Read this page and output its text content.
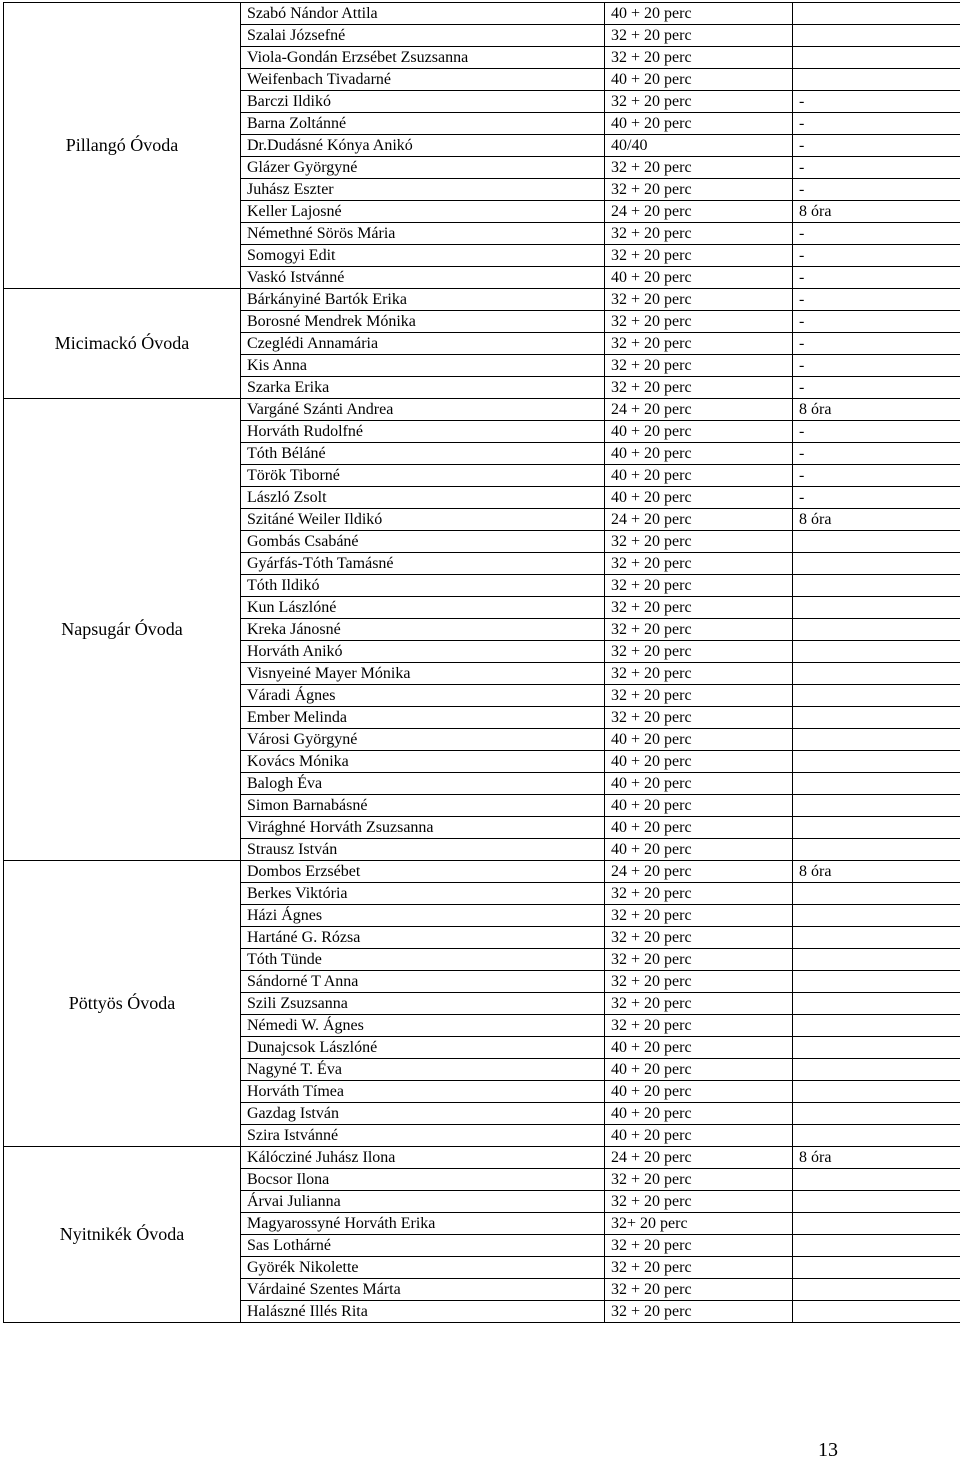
Pillangó Óvoda	Szabó Nándor Attila	40 + 20 perc	
	Szalai Józsefné	32 + 20 perc	
	Viola-Gondán Erzsébet Zsuzsanna	32 + 20 perc	
	Weifenbach Tivadarné	40 + 20 perc	
	Barczi Ildikó	32 + 20 perc	-
	Barna Zoltánné	40 + 20 perc	-
	Dr.Dudásné Kónya Anikó	40/40	-
	Glázer Györgyné	32 + 20 perc	-
	Juhász Eszter	32 + 20 perc	-
	Keller Lajosné	24 + 20 perc	8 óra
	Némethné Sörös Mária	32 + 20 perc	-
	Somogyi Edit	32 + 20 perc	-
	Vaskó Istvánné	40 + 20 perc	-
Micimackó Óvoda	Bárkányiné Bartók Erika	32 + 20 perc	-
	Borosné Mendrek Mónika	32 + 20 perc	-
	Czeglédi Annamária	32 + 20 perc	-
	Kis Anna	32 + 20 perc	-
	Szarka Erika	32 + 20 perc	-
Napsugár Óvoda	Vargáné Szánti Andrea	24 + 20 perc	8 óra
	Horváth Rudolfné	40 + 20 perc	-
	Tóth Béláné	40 + 20 perc	-
	Török Tiborné	40 + 20 perc	-
	László Zsolt	40 + 20 perc	-
	Szitáné Weiler Ildikó	24 + 20 perc	8 óra
	Gombás Csabáné	32 + 20 perc	
	Gyárfás-Tóth Tamásné	32 + 20 perc	
	Tóth Ildikó	32 + 20 perc	
	Kun Lászlóné	32 + 20 perc	
	Kreka Jánosné	32 + 20 perc	
	Horváth Anikó	32 + 20 perc	
	Visnyeiné Mayer Mónika	32 + 20 perc	
	Váradi Ágnes	32 + 20 perc	
	Ember Melinda	32 + 20 perc	
	Városi Györgyné	40 + 20 perc	
	Kovács Mónika	40 + 20 perc	
	Balogh Éva	40 + 20 perc	
	Simon Barnabásné	40 + 20 perc	
	Virághné Horváth Zsuzsanna	40 + 20 perc	
	Strausz István	40 + 20 perc	
Pöttyös Óvoda	Dombos Erzsébet	24 + 20 perc	8 óra
	Berkes Viktória	32 + 20 perc	
	Házi Ágnes	32 + 20 perc	
	Hartáné G. Rózsa	32 + 20 perc	
	Tóth Tünde	32 + 20 perc	
	Sándorné T Anna	32 + 20 perc	
	Szili Zsuzsanna	32 + 20 perc	
	Némedi W. Ágnes	32 + 20 perc	
	Dunajcsok Lászlóné	40 + 20 perc	
	Nagyné T. Éva	40 + 20 perc	
	Horváth Tímea	40 + 20 perc	
	Gazdag István	40 + 20 perc	
	Szira Istvánné	40 + 20 perc	
Nyitnikék Óvoda	Kálócziné Juhász Ilona	24 + 20 perc	8 óra
	Bocsor Ilona	32 + 20 perc	
	Árvai Julianna	32 + 20 perc	
	Magyarossyné Horváth Erika	32+ 20 perc	
	Sas Lothárné	32 + 20 perc	
	Györék Nikolette	32 + 20 perc	
	Várdainé Szentes Márta	32 + 20 perc	
	Halászné Illés Rita	32 + 20 perc	
13
